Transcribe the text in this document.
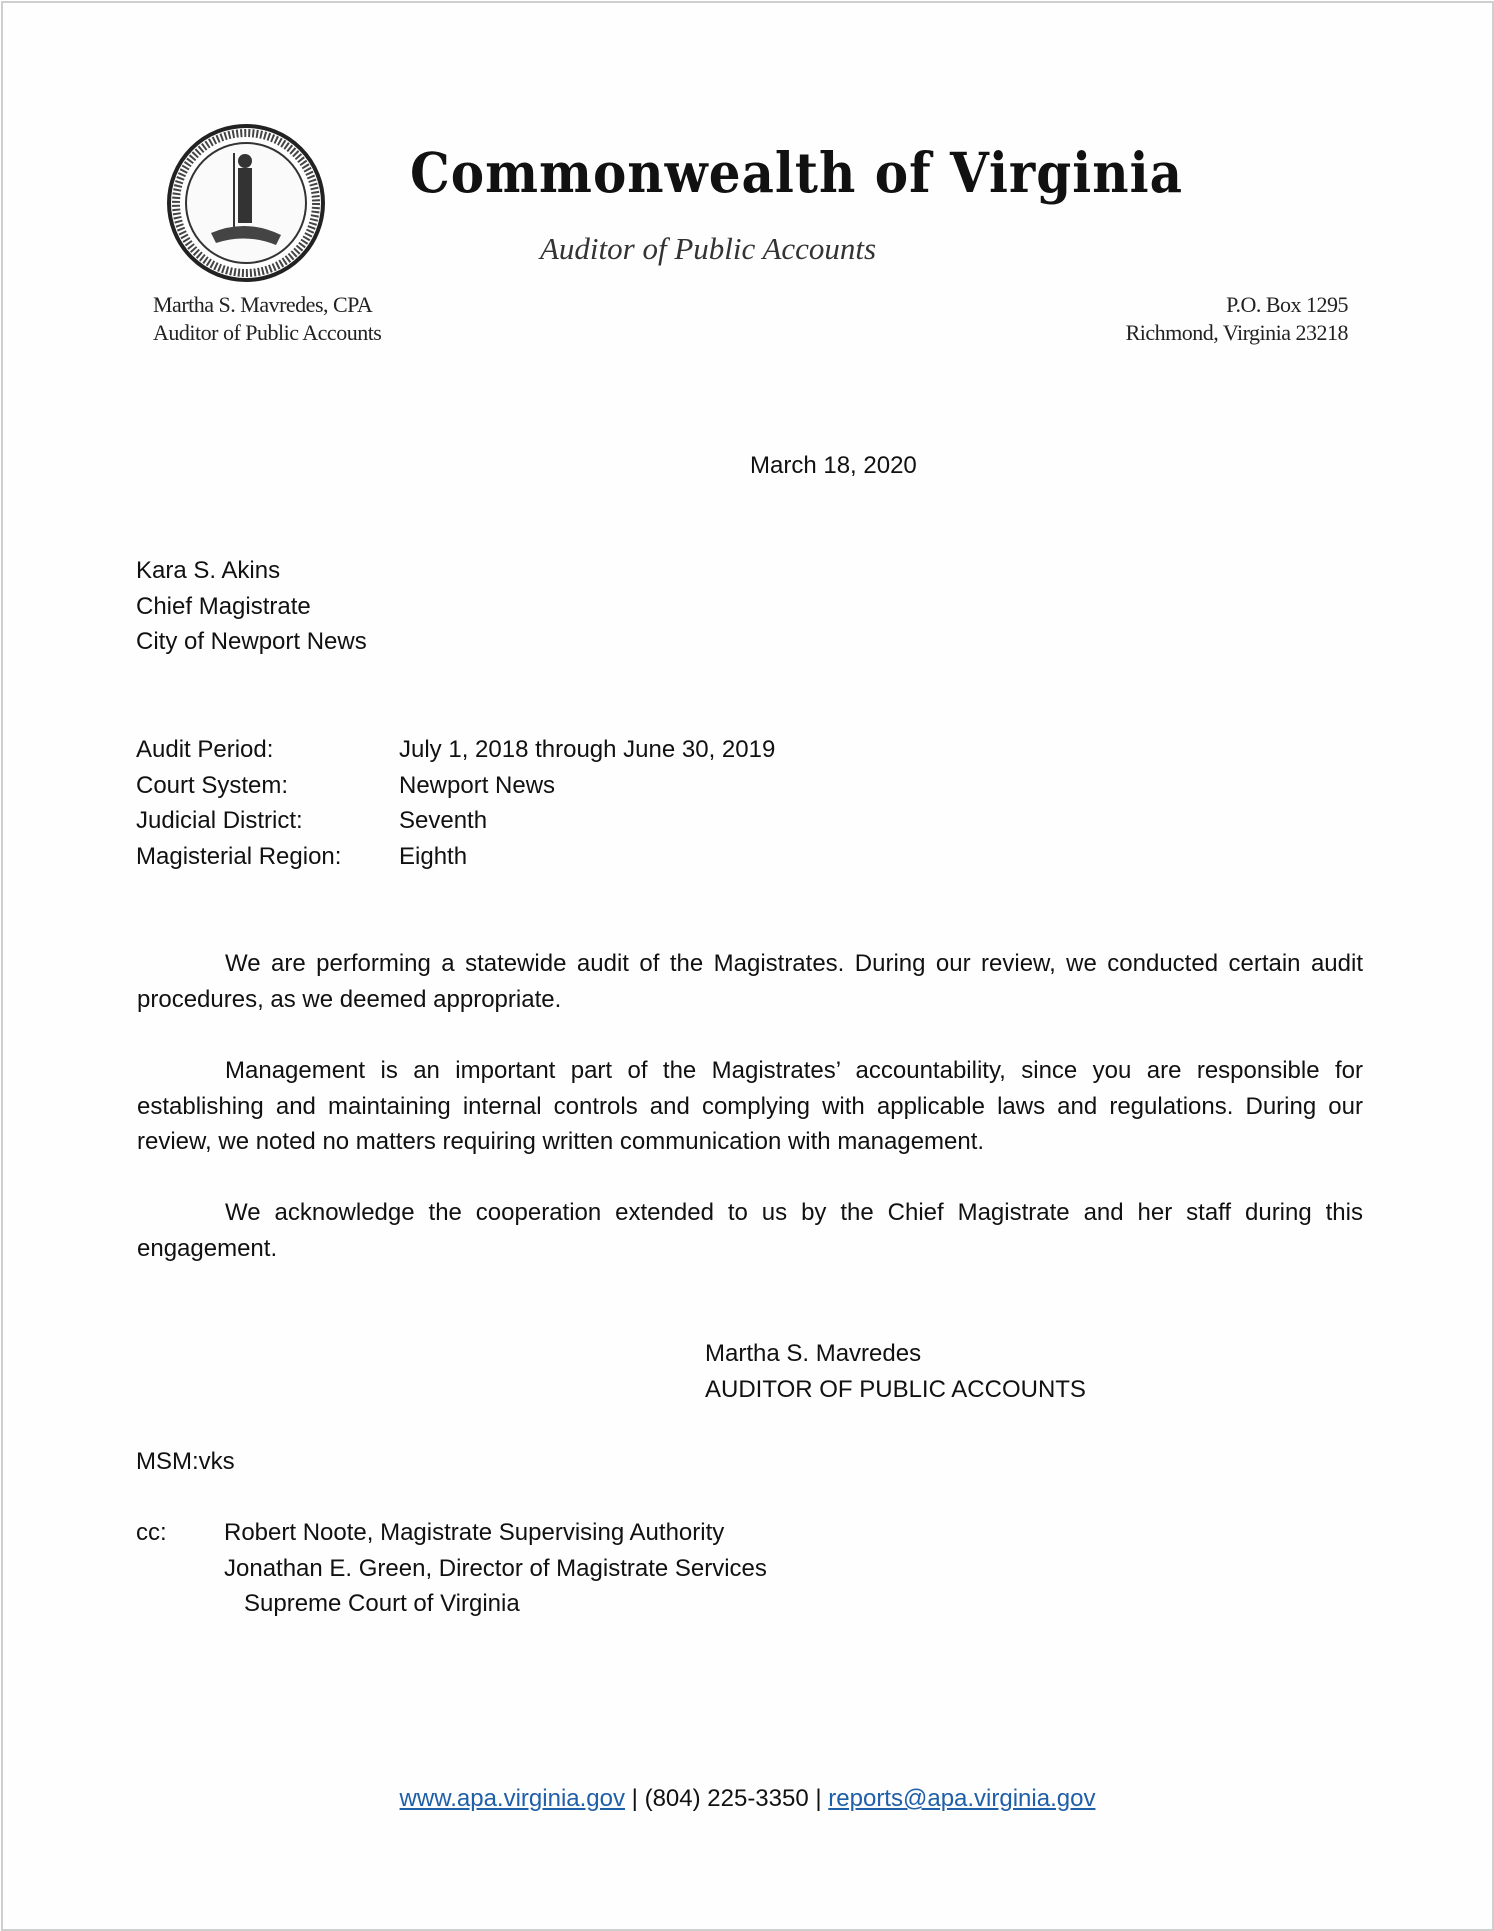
Commonwealth of Virginia
Auditor of Public Accounts
Martha S. Mavredes, CPA
Auditor of Public Accounts
P.O. Box 1295
Richmond, Virginia 23218
March 18, 2020
Kara S. Akins
Chief Magistrate
City of Newport News
Audit Period:	July 1, 2018 through June 30, 2019
Court System:	Newport News
Judicial District:	Seventh
Magisterial Region: Eighth
We are performing a statewide audit of the Magistrates. During our review, we conducted certain audit procedures, as we deemed appropriate.
Management is an important part of the Magistrates’ accountability, since you are responsible for establishing and maintaining internal controls and complying with applicable laws and regulations. During our review, we noted no matters requiring written communication with management.
We acknowledge the cooperation extended to us by the Chief Magistrate and her staff during this engagement.
Martha S. Mavredes
AUDITOR OF PUBLIC ACCOUNTS
MSM:vks
cc: Robert Noote, Magistrate Supervising Authority
Jonathan E. Green, Director of Magistrate Services
Supreme Court of Virginia
www.apa.virginia.gov | (804) 225-3350 | reports@apa.virginia.gov
